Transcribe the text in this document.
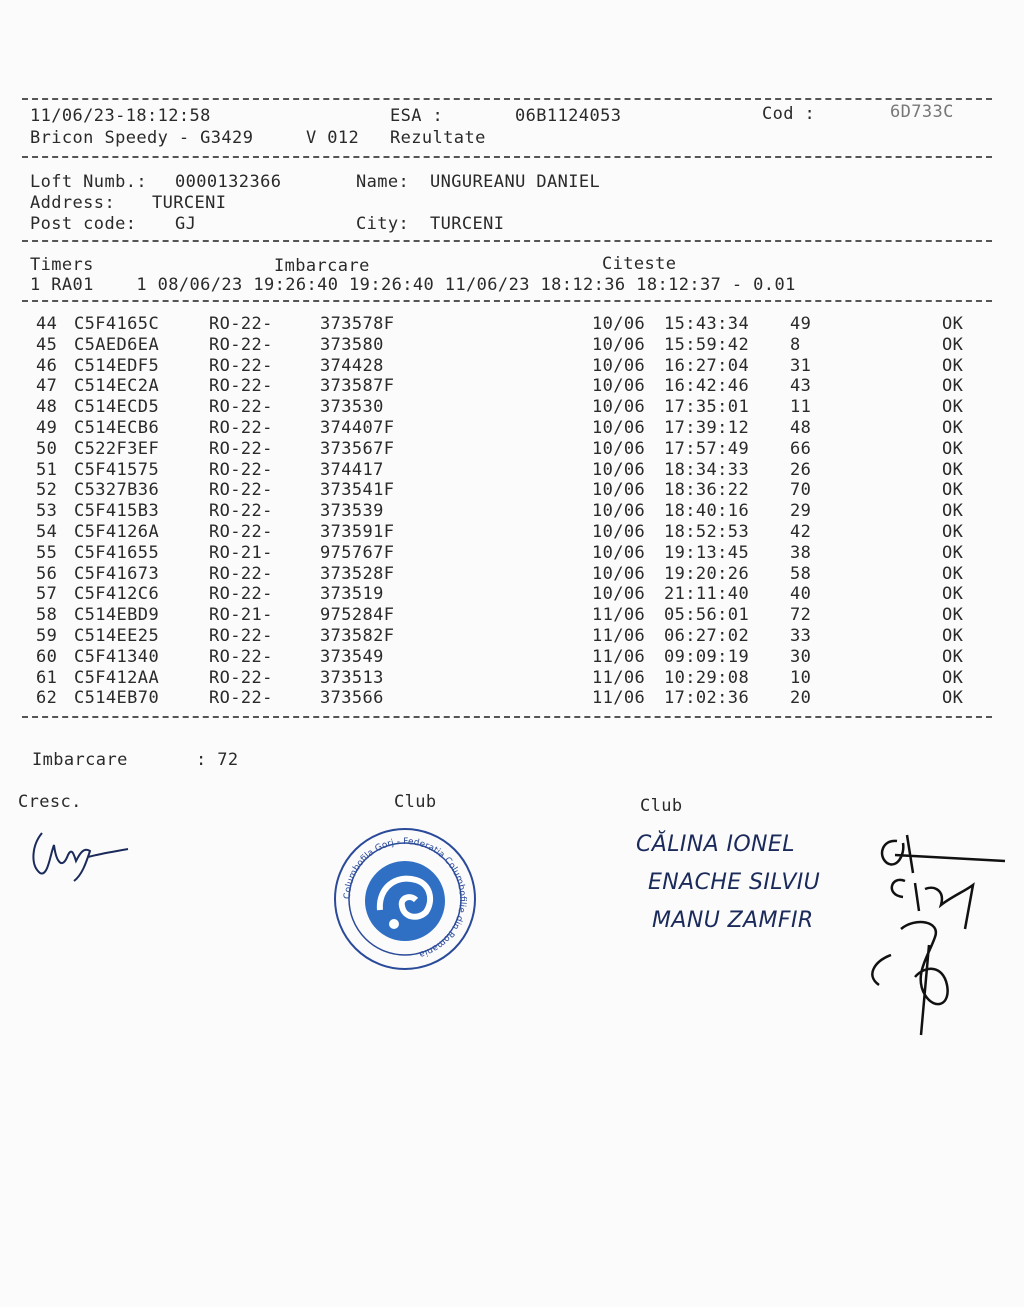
11/06/23-18:12:58	ESA :	06B1124053	Cod :	6D733C
Bricon Speedy - G3429	V 012 Rezultate
Loft Numb.: 0000132366	Name: UNGUREANU DANIEL
Address: TURCENI
Post code: GJ	City: TURCENI
Timers	Imbarcare	Citeste
1 RA01    1 08/06/23 19:26:40 19:26:40 11/06/23 18:12:36 18:12:37 - 0.01
44 C5F4165C	RO-22-	373578F	10/06 15:43:34 49	OK
45 C5AED6EA	RO-22-	373580	10/06 15:59:42 8	OK
46 C514EDF5	RO-22-	374428	10/06 16:27:04 31	OK
47 C514EC2A	RO-22-	373587F	10/06 16:42:46 43	OK
48 C514ECD5	RO-22-	373530	10/06 17:35:01 11	OK
49 C514ECB6	RO-22-	374407F	10/06 17:39:12 48	OK
50 C522F3EF	RO-22-	373567F	10/06 17:57:49 66	OK
51 C5F41575	RO-22-	374417	10/06 18:34:33 26	OK
52 C5327B36	RO-22-	373541F	10/06 18:36:22 70	OK
53 C5F415B3	RO-22-	373539	10/06 18:40:16 29	OK
54 C5F4126A	RO-22-	373591F	10/06 18:52:53 42	OK
55 C5F41655	RO-21-	975767F	10/06 19:13:45 38	OK
56 C5F41673	RO-22-	373528F	10/06 19:20:26 58	OK
57 C5F412C6	RO-22-	373519	10/06 21:11:40 40	OK
58 C514EBD9	RO-21-	975284F	11/06 05:56:01 72	OK
59 C514EE25	RO-22-	373582F	11/06 06:27:02 33	OK
60 C5F41340	RO-22-	373549	11/06 09:09:19 30	OK
61 C5F412AA	RO-22-	373513	11/06 10:29:08 10	OK
62 C514EB70	RO-22-	373566	11/06 17:02:36 20	OK
Imbarcare	: 72
Cresc.	Club	Club
Columbofila Gorj - Federatia Columbofilie din Romania
CĂLINA IONEL
ENACHE SILVIU
MANU ZAMFIR
